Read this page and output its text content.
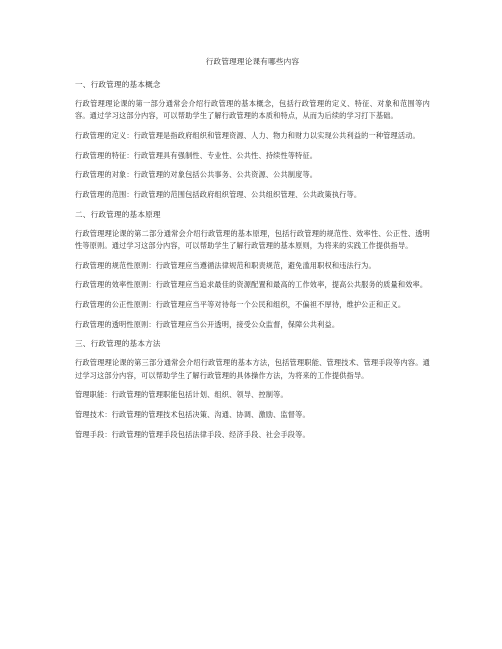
行政管理理论课有哪些内容
一、行政管理的基本概念

行政管理理论课的第一部分通常会介绍行政管理的基本概念，包括行政管理的定义、特征、对象和范围等内容。通过学习这部分内容，可以帮助学生了解行政管理的本质和特点，从而为后续的学习打下基础。

行政管理的定义：行政管理是指政府组织和管理资源、人力、物力和财力以实现公共利益的一种管理活动。

行政管理的特征：行政管理具有强制性、专业性、公共性、持续性等特征。

行政管理的对象：行政管理的对象包括公共事务、公共资源、公共制度等。

行政管理的范围：行政管理的范围包括政府组织管理、公共组织管理、公共政策执行等。

二、行政管理的基本原理

行政管理理论课的第二部分通常会介绍行政管理的基本原理，包括行政管理的规范性、效率性、公正性、透明性等原则。通过学习这部分内容，可以帮助学生了解行政管理的基本原则，为将来的实践工作提供指导。

行政管理的规范性原则：行政管理应当遵循法律规范和职责规范，避免滥用职权和违法行为。

行政管理的效率性原则：行政管理应当追求最佳的资源配置和最高的工作效率，提高公共服务的质量和效率。

行政管理的公正性原则：行政管理应当平等对待每一个公民和组织，不偏袒不厚待，维护公正和正义。

行政管理的透明性原则：行政管理应当公开透明，接受公众监督，保障公共利益。

三、行政管理的基本方法

行政管理理论课的第三部分通常会介绍行政管理的基本方法，包括管理职能、管理技术、管理手段等内容。通过学习这部分内容，可以帮助学生了解行政管理的具体操作方法，为将来的工作提供指导。

管理职能：行政管理的管理职能包括计划、组织、领导、控制等。

管理技术：行政管理的管理技术包括决策、沟通、协调、激励、监督等。

管理手段：行政管理的管理手段包括法律手段、经济手段、社会手段等。
